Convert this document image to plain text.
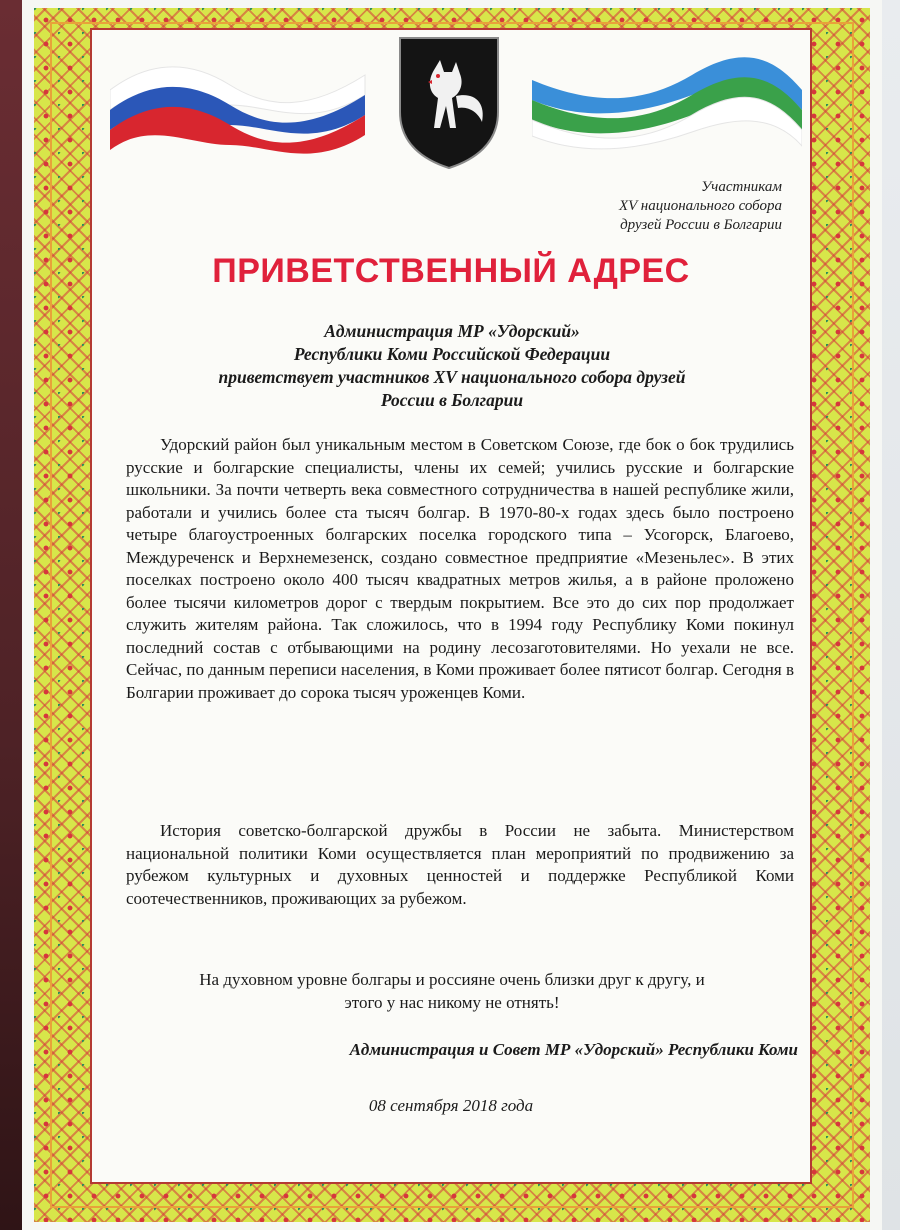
Участникам
XV национального собора
друзей России в Болгарии
ПРИВЕТСТВЕННЫЙ АДРЕС
Администрация МР «Удорский»
Республики Коми Российской Федерации
приветствует участников XV национального собора друзей
России в Болгарии

Удорский район был уникальным местом в Советском Союзе, где бок о бок трудились русские и болгарские специалисты, члены их семей; учились русские и болгарские школьники. За почти четверть века совместного сотрудничества в нашей республике жили, работали и учились более ста тысяч болгар. В 1970-80-х годах здесь было построено четыре благоустроенных болгарских поселка городского типа – Усогорск, Благоево, Междуреченск и Верхнемезенск, создано совместное предприятие «Мезеньлес». В этих поселках построено около 400 тысяч квадратных метров жилья, а в районе проложено более тысячи километров дорог с твердым покрытием. Все это до сих пор продолжает служить жителям района. Так сложилось, что в 1994 году Республику Коми покинул последний состав с отбывающими на родину лесозаготовителями. Но уехали не все. Сейчас, по данным переписи населения, в Коми проживает более пятисот болгар. Сегодня в Болгарии проживает до сорока тысяч уроженцев Коми.

История советско-болгарской дружбы в России не забыта. Министерством национальной политики Коми осуществляется план мероприятий по продвижению за рубежом культурных и духовных ценностей и поддержке Республикой Коми соотечественников, проживающих за рубежом.

На духовном уровне болгары и россияне очень близки друг к другу, и
этого у нас никому не отнять!
Администрация и Совет МР «Удорский» Республики Коми
08 сентября 2018 года
